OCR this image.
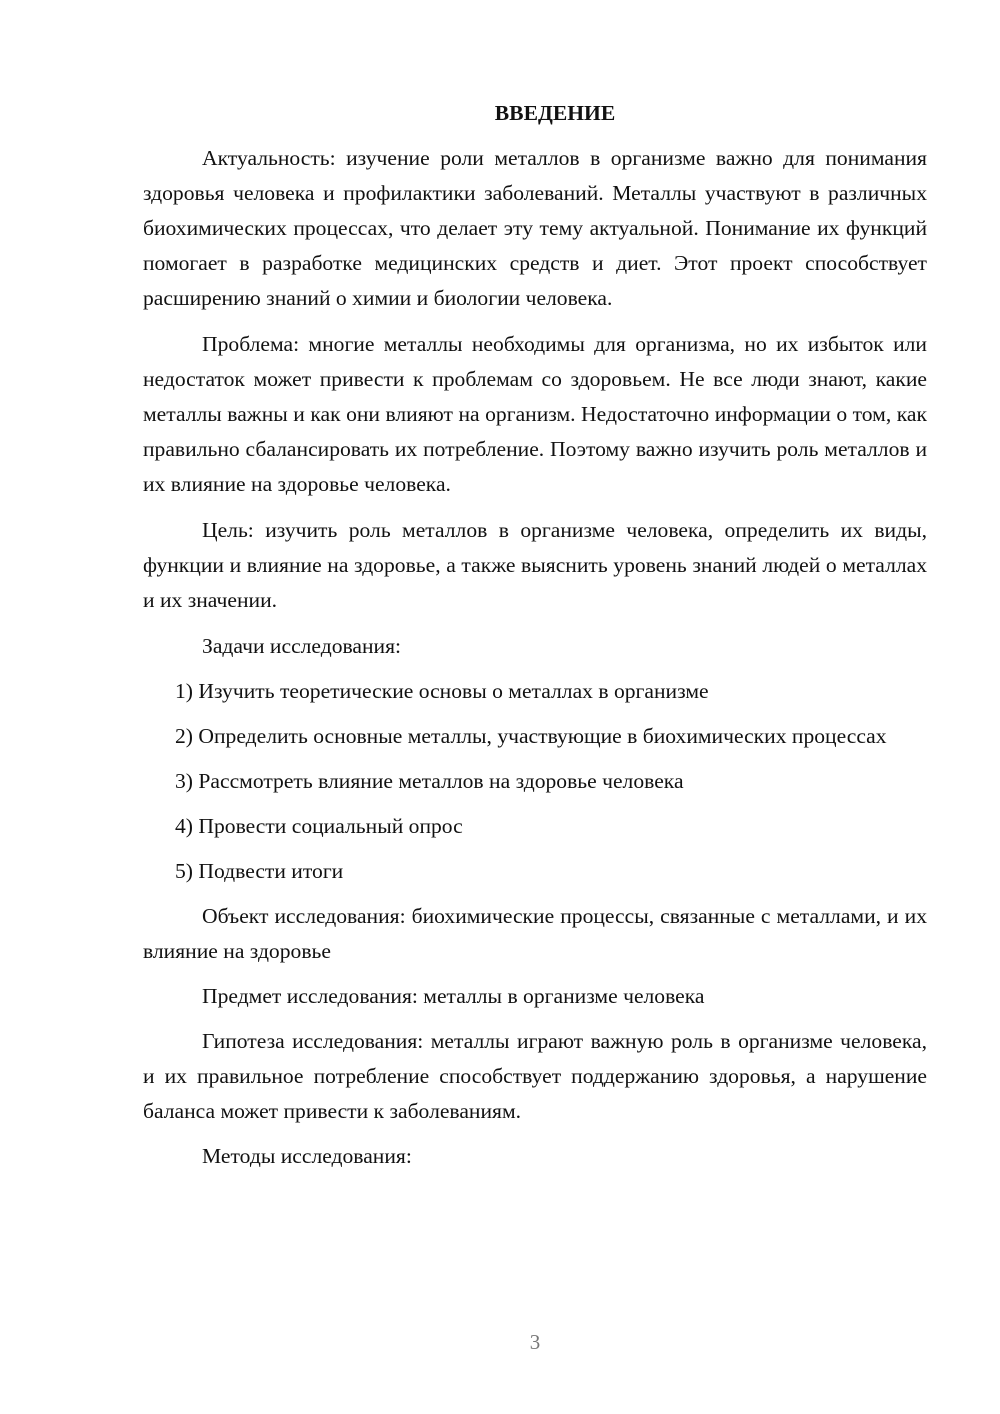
ВВЕДЕНИЕ

Актуальность: изучение роли металлов в организме важно для понимания здоровья человека и профилактики заболеваний. Металлы участвуют в различных биохимических процессах, что делает эту тему актуальной. Понимание их функций помогает в разработке медицинских средств и диет. Этот проект способствует расширению знаний о химии и биологии человека.

Проблема: многие металлы необходимы для организма, но их избыток или недостаток может привести к проблемам со здоровьем. Не все люди знают, какие металлы важны и как они влияют на организм. Недостаточно информации о том, как правильно сбалансировать их потребление. Поэтому важно изучить роль металлов и их влияние на здоровье человека.

Цель: изучить роль металлов в организме человека, определить их виды, функции и влияние на здоровье, а также выяснить уровень знаний людей о металлах и их значении.

Задачи исследования:

1) Изучить теоретические основы о металлах в организме

2) Определить основные металлы, участвующие в биохимических процессах

3) Рассмотреть влияние металлов на здоровье человека

4) Провести социальный опрос

5) Подвести итоги

Объект исследования: биохимические процессы, связанные с металлами, и их влияние на здоровье

Предмет исследования: металлы в организме человека

Гипотеза исследования: металлы играют важную роль в организме человека, и их правильное потребление способствует поддержанию здоровья, а нарушение баланса может привести к заболеваниям.

Методы исследования:

3
